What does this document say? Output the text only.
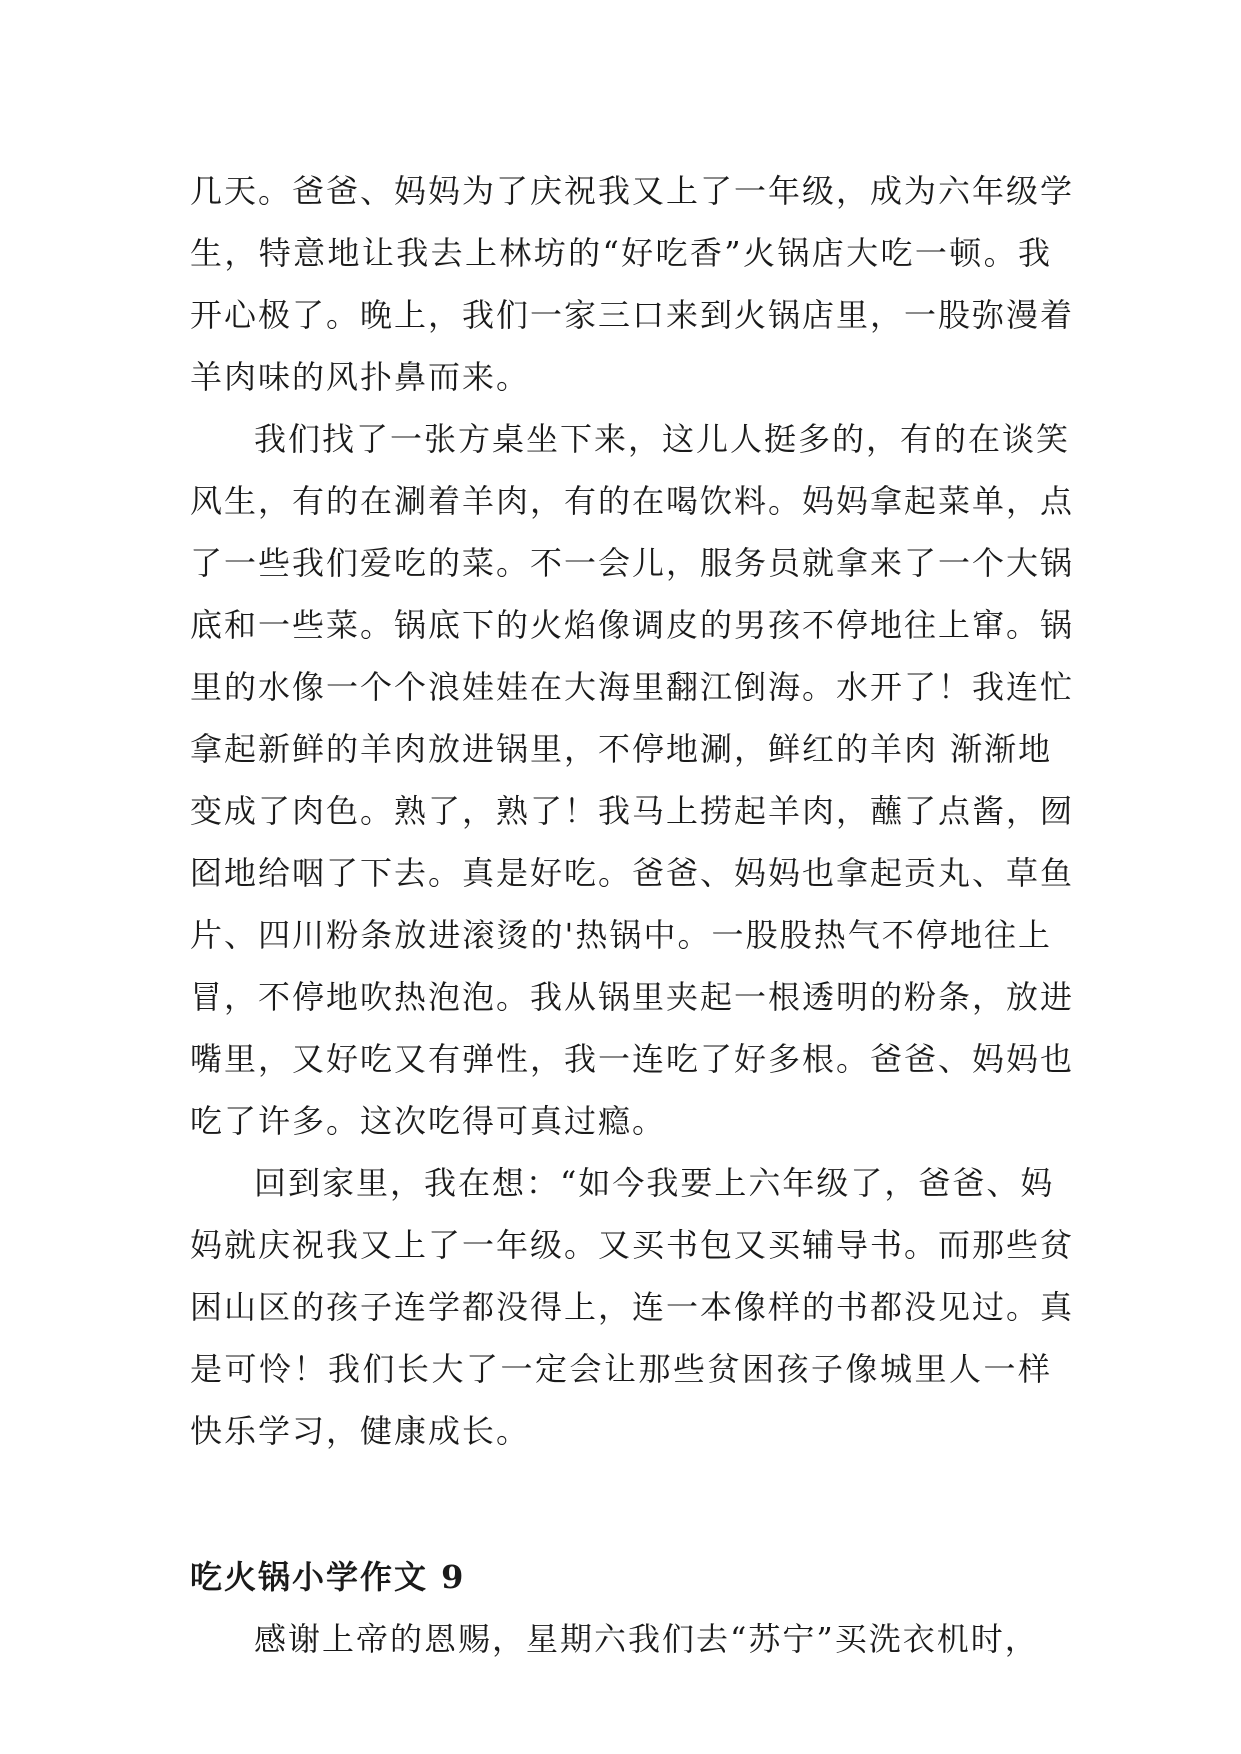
几天。爸爸、妈妈为了庆祝我又上了一年级，成为六年级学
生，特意地让我去上林坊的“好吃香”火锅店大吃一顿。我
开心极了。晚上，我们一家三口来到火锅店里，一股弥漫着
羊肉味的风扑鼻而来。

我们找了一张方桌坐下来，这儿人挺多的，有的在谈笑
风生，有的在涮着羊肉，有的在喝饮料。妈妈拿起菜单，点
了一些我们爱吃的菜。不一会儿，服务员就拿来了一个大锅
底和一些菜。锅底下的火焰像调皮的男孩不停地往上窜。锅
里的水像一个个浪娃娃在大海里翻江倒海。水开了！我连忙
拿起新鲜的羊肉放进锅里，不停地涮，鲜红的羊肉 渐渐地
变成了肉色。熟了，熟了！我马上捞起羊肉，蘸了点酱，囫
囵地给咽了下去。真是好吃。爸爸、妈妈也拿起贡丸、草鱼
片、四川粉条放进滚烫的'热锅中。一股股热气不停地往上
冒，不停地吹热泡泡。我从锅里夹起一根透明的粉条，放进
嘴里，又好吃又有弹性，我一连吃了好多根。爸爸、妈妈也
吃了许多。这次吃得可真过瘾。

回到家里，我在想：“如今我要上六年级了，爸爸、妈
妈就庆祝我又上了一年级。又买书包又买辅导书。而那些贫
困山区的孩子连学都没得上，连一本像样的书都没见过。真
是可怜！我们长大了一定会让那些贫困孩子像城里人一样
快乐学习，健康成长。

吃火锅小学作文 9

感谢上帝的恩赐，星期六我们去“苏宁”买洗衣机时，
